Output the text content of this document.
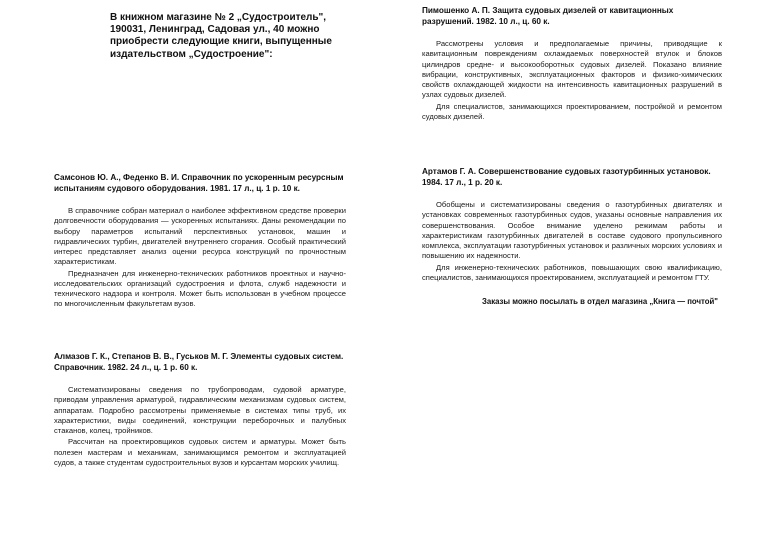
В книжном магазине № 2 „Судостроитель", 190031, Ленинград, Садовая ул., 40 можно приобрести следующие книги, выпущенные издательством „Судостроение":

Самсонов Ю. А., Феденко В. И. Справочник по ускоренным ресурсным испытаниям судового оборудования. 1981. 17 л., ц. 1 р. 10 к.

В справочнике собран материал о наиболее эффективном средстве проверки долговечности оборудования — ускоренных испытаниях. Даны рекомендации по выбору параметров испытаний перспективных установок, машин и гидравлических турбин, двигателей внутреннего сгорания. Особый практический интерес представляет анализ оценки ресурса конструкций по прочностным характеристикам.

Предназначен для инженерно-технических работников проектных и научно-исследовательских организаций судостроения и флота, служб надежности и технического надзора и контроля. Может быть использован в учебном процессе по многочисленным факультетам вузов.

Алмазов Г. К., Степанов В. В., Гуськов М. Г. Элементы судовых систем. Справочник. 1982. 24 л., ц. 1 р. 60 к.

Систематизированы сведения по трубопроводам, судовой арматуре, приводам управления арматурой, гидравлическим механизмам судовых систем, аппаратам. Подробно рассмотрены применяемые в системах типы труб, их характеристики, виды соединений, конструкции переборочных и палубных стаканов, колец, тройников.

Рассчитан на проектировщиков судовых систем и арматуры. Может быть полезен мастерам и механикам, занимающимся ремонтом и эксплуатацией судов, а также студентам судостроительных вузов и курсантам морских училищ.

Пимошенко А. П. Защита судовых дизелей от кавитационных разрушений. 1982. 10 л., ц. 60 к.

Рассмотрены условия и предполагаемые причины, приводящие к кавитационным повреждениям охлаждаемых поверхностей втулок и блоков цилиндров средне- и высокооборотных судовых дизелей. Показано влияние вибрации, конструктивных, эксплуатационных факторов и физико-химических свойств охлаждающей жидкости на интенсивность кавитационных разрушений в узлах судовых дизелей.

Для специалистов, занимающихся проектированием, постройкой и ремонтом судовых дизелей.

Артамов Г. А. Совершенствование судовых газотурбинных установок. 1984. 17 л., 1 р. 20 к.

Обобщены и систематизированы сведения о газотурбинных двигателях и установках современных газотурбинных судов, указаны основные направления их совершенствования. Особое внимание уделено режимам работы и характеристикам газотурбинных двигателей в составе судового пропульсивного комплекса, эксплуатации газотурбинных установок и различных морских условиях и повышению их надежности.

Для инженерно-технических работников, повышающих свою квалификацию, специалистов, занимающихся проектированием, эксплуатацией и ремонтом ГТУ.

Заказы можно посылать в отдел магазина „Книга — почтой"
